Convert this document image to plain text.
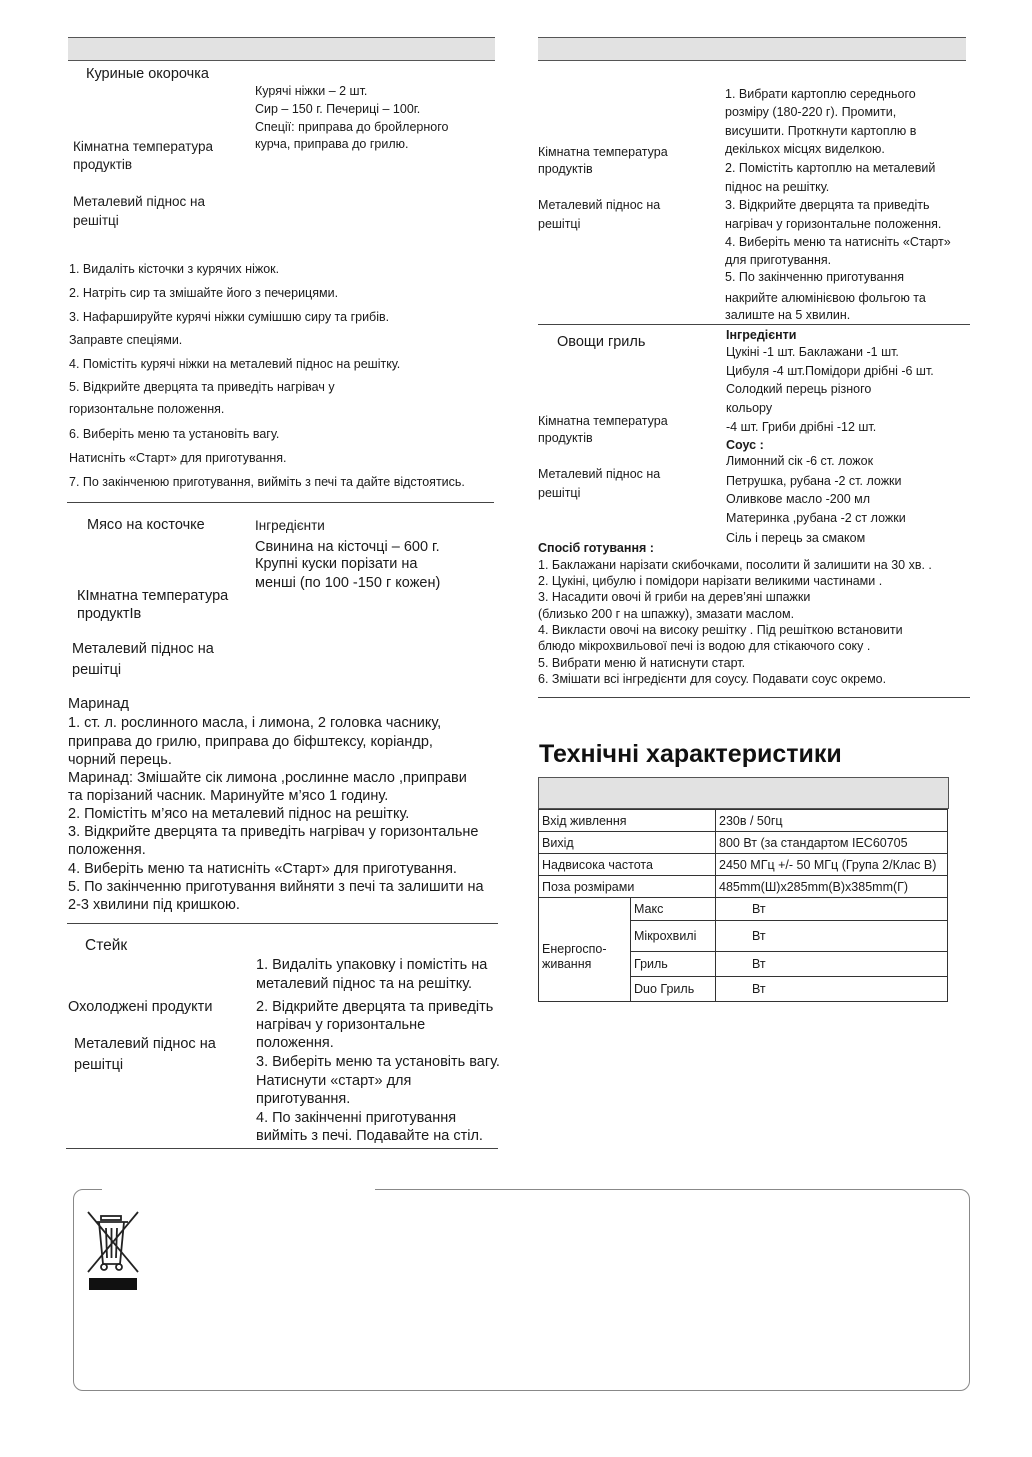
Куриные окорочка
Курячі ніжки – 2 шт.
Сир – 150 г. Печериці – 100г.
Спеції: приправа до бройлерного
курча, приправа до грилю.
Кімнатна температура
продуктів
Металевий піднос на
решітці
1. Видаліть кісточки з курячих ніжок.
2. Натріть сир та змішайте його з печерицями.
3. Нафаршируйте курячі ніжки сумішшю сиру та грибів.
Заправте спеціями.
4. Помістіть курячі ніжки на металевий піднос на решітку.
5. Відкрийте дверцята та приведіть нагрівач у
горизонтальне положення.
6. Виберіть меню та установіть вагу.
Натисніть «Старт» для приготування.
7. По закінченюю приготування, вийміть з печі та дайте відстоятись.
Мясо на косточке	Інгредієнти
Свинина на кісточці – 600 г.
Крупні куски порізати на
менші (по 100 -150 г кожен)
КІмнатна температура
продуктІв
Металевий піднос на
решітці
Маринад
1. ст. л. рослинного масла, і лимона, 2 головка часнику,
приправа до грилю, приправа до біфштексу, коріандр,
чорний перець.
Маринад: Змішайте сік лимона ,рослинне масло ,приправи
та порізаний часник. Маринуйте м’ясо 1 годину.
2. Помістіть м’ясо на металевий піднос на решітку.
3. Відкрийте дверцята та приведіть нагрівач у горизонтальне
положення.
4. Виберіть меню та натисніть «Старт» для приготування.
5. По закінченню приготування вийняти з печі та залишити на
2-3 хвилини під кришкою.
Стейк
1. Видаліть упаковку і помістіть на
металевий піднос та на решітку.
2. Відкрийте дверцята та приведіть
нагрівач у горизонтальне
положення.
3. Виберіть меню та установіть вагу.
Натиснути «старт» для
приготування.
4. По закінченні приготування
вийміть з печі. Подавайте на стіл.
Охолоджені продукти
Металевий піднос на
решітці
1. Вибрати картоплю середнього
розміру (180-220 г). Промити,
висушити. Проткнути картоплю в
декількох місцях виделкою.
2. Помістіть картоплю на металевий
піднос на решітку.
3. Відкрийте дверцята та приведіть
нагрівач у горизонтальне положення.
4. Виберіть меню та натисніть «Старт»
для приготування.
5. По закінченню приготування
накрийте алюмінієвою фольгою та
залиште на 5 хвилин.
Кімнатна температура
продуктів
Металевий піднос на
решітці
Овощи гриль	Інгредієнти
Цукіні -1 шт. Баклажани -1 шт.
Цибуля -4 шт.Помідори дрібні -6 шт.
Солодкий перець різного
кольору
-4 шт. Гриби дрібні -12 шт.
Соус :
Лимонний сік -6 ст. ложок
Петрушка, рубана -2 ст. ложки
Оливкове масло -200 мл
Материнка ,рубана -2 ст ложки
Сіль і перець за смаком
Кімнатна температура
продуктів
Металевий піднос на
решітці
Спосіб готування :
1. Баклажани нарізати скибочками, посолити й залишити на 30 хв. .
2. Цукіні, цибулю і помідори нарізати великими частинами .
3. Насадити овочі й гриби на дерев’яні шпажки
(близько 200 г на шпажку), змазати маслом.
4. Викласти овочі на високу решітку . Під решіткою встановити
блюдо мікрохвильової печі із водою для стікаючого соку .
5. Вибрати меню й натиснути старт.
6. Змішати всі інгредієнти для соусу. Подавати соус окремо.
Технічні характеристики
Вхід живлення		230в / 50гц
Вихід		800 Вт (за стандартом IEC60705
Надвисока частота		2450 МГц +/- 50 МГц (Група 2/Клас В)
Поза розмірами		485mm(Ш)x285mm(В)x385mm(Г)
Енергоспо-
живання	Макс	Вт
	Мікрохвилі	Вт
	Гриль	Вт
	Duo Гриль	Вт
